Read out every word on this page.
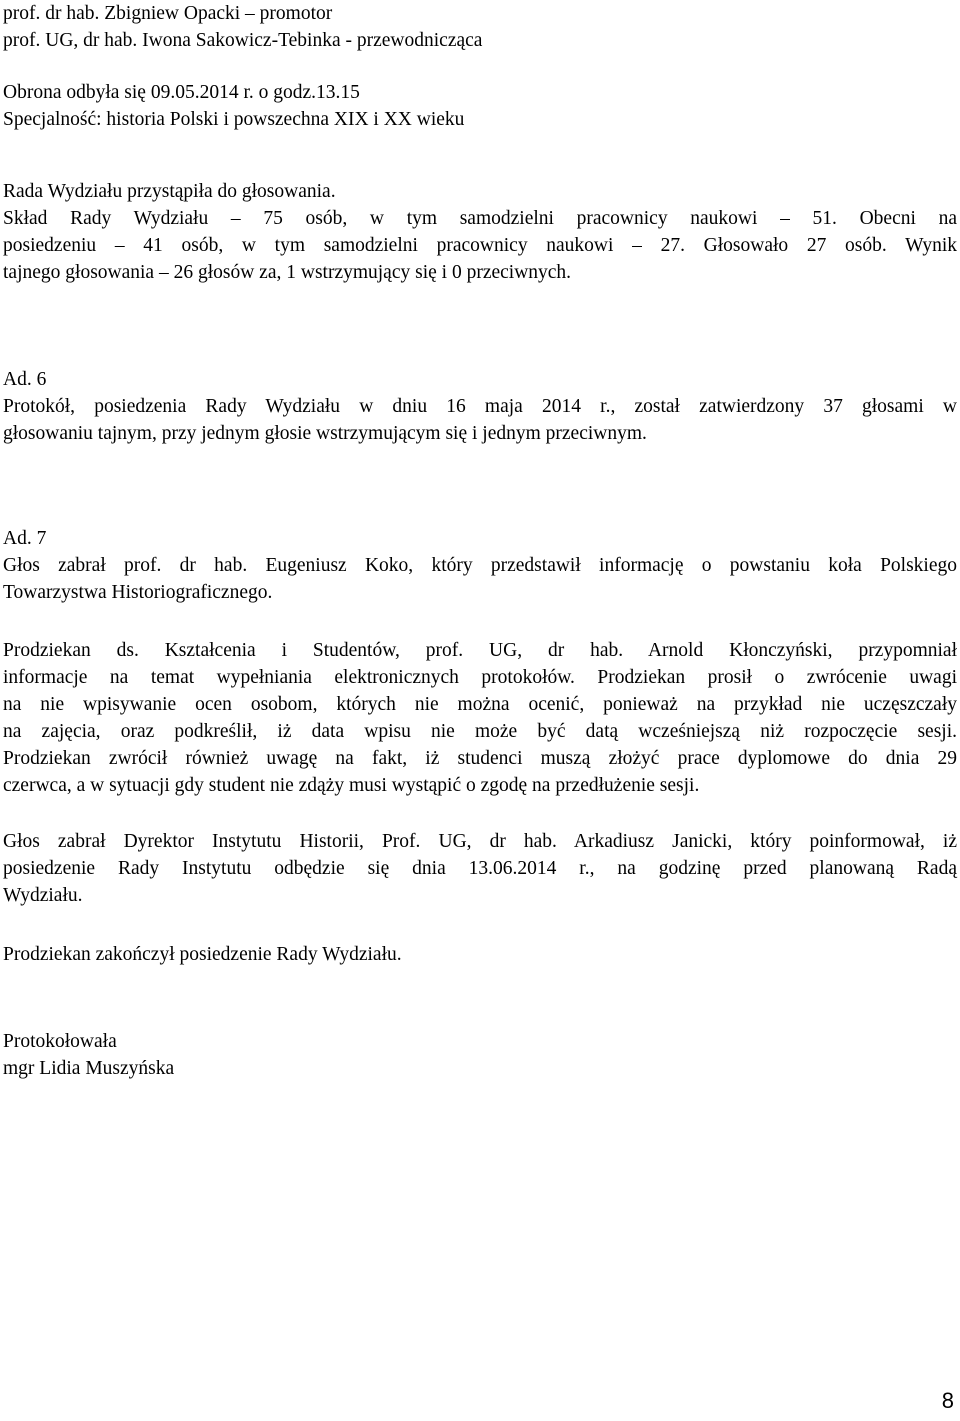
prof. dr hab. Zbigniew Opacki – promotor
prof. UG, dr hab. Iwona Sakowicz-Tebinka - przewodnicząca
Obrona odbyła się 09.05.2014 r. o godz.13.15
Specjalność: historia Polski i powszechna XIX i XX wieku
Rada Wydziału przystąpiła do głosowania.
Skład Rady Wydziału – 75 osób, w tym samodzielni pracownicy naukowi – 51. Obecni na
posiedzeniu – 41 osób, w tym samodzielni pracownicy naukowi – 27. Głosowało 27 osób. Wynik
tajnego głosowania – 26 głosów za, 1 wstrzymujący się i 0 przeciwnych.
Ad. 6
Protokół, posiedzenia Rady Wydziału w dniu 16 maja 2014 r., został zatwierdzony 37 głosami w
głosowaniu tajnym, przy jednym głosie wstrzymującym się i jednym przeciwnym.
Ad. 7
Głos zabrał prof. dr hab. Eugeniusz Koko, który przedstawił informację o powstaniu koła Polskiego
Towarzystwa Historiograficznego.
Prodziekan ds. Kształcenia i Studentów, prof. UG, dr hab. Arnold Kłonczyński, przypomniał
informacje na temat wypełniania elektronicznych protokołów. Prodziekan prosił o zwrócenie uwagi
na nie wpisywanie ocen osobom, których nie można ocenić, ponieważ na przykład nie uczęszczały
na zajęcia, oraz podkreślił, iż data wpisu nie może być datą wcześniejszą niż rozpoczęcie sesji.
Prodziekan zwrócił również uwagę na fakt, iż studenci muszą złożyć prace dyplomowe do dnia 29
czerwca, a w sytuacji gdy student nie zdąży musi wystąpić o zgodę na przedłużenie sesji.
Głos zabrał Dyrektor Instytutu Historii, Prof. UG, dr hab. Arkadiusz Janicki, który poinformował, iż
posiedzenie Rady Instytutu odbędzie się dnia 13.06.2014 r., na godzinę przed planowaną Radą
Wydziału.
Prodziekan zakończył posiedzenie Rady Wydziału.
Protokołowała
mgr Lidia Muszyńska
8
